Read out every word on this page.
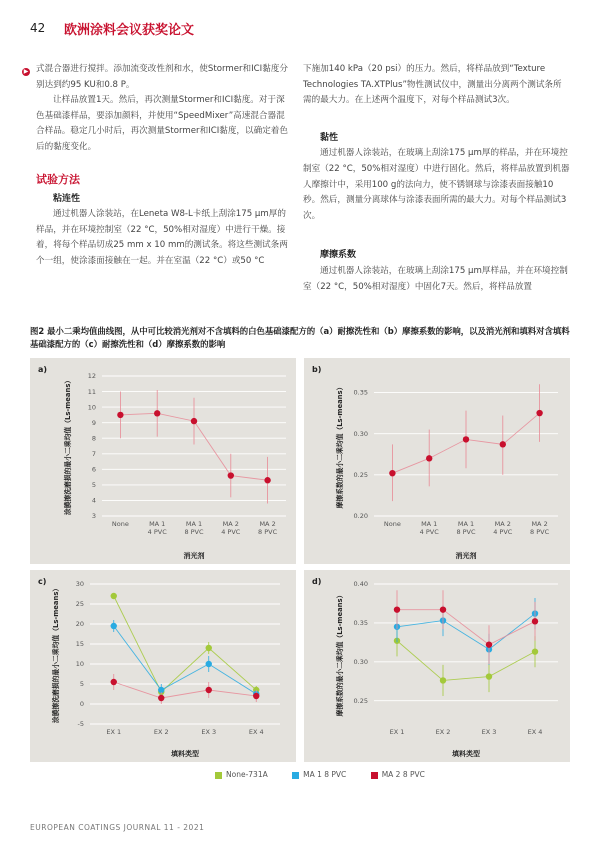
42 欧洲涂料会议获奖论文
▶ 式混合器进行搅拌。添加流变改性剂和水，使Stormer和ICI黏度分别达到约95 KU和0.8 P。

让样品放置1天。然后，再次测量Stormer和ICI黏度。对于深色基础漆样品，要添加颜料，并使用“SpeedMixer”高速混合器混合样品。稳定几小时后，再次测量Stormer和ICI黏度，以确定着色后的黏度变化。

试验方法

粘连性

通过机器人涂装站，在Leneta W8-L卡纸上刮涂175 μm厚的样品，并在环境控制室（22 °C，50%相对湿度）中进行干燥。接着，将每个样品切成25 mm x 10 mm的测试条。将这些测试条两个一组，使涂漆面接触在一起。并在室温（22 °C）或50 °C

下施加140 kPa（20 psi）的压力。然后，将样品放到“Texture Technologies TA.XTPlus”物性测试仪中，测量出分离两个测试条所需的最大力。在上述两个温度下，对每个样品测试3次。

黏性

通过机器人涂装站，在玻璃上刮涂175 μm厚的样品，并在环境控制室（22 °C，50%相对湿度）中进行固化。然后，将样品放置到机器人摩擦计中，采用100 g的法向力，使不锈钢球与涂漆表面接触10秒。然后，测量分离球体与涂漆表面所需的最大力。对每个样品测试3次。

摩擦系数

通过机器人涂装站，在玻璃上刮涂175 μm厚样品，并在环境控制室（22 °C，50%相对湿度）中固化7天。然后，将样品放置

图2 最小二乘均值曲线图，从中可比较消光剂对不含填料的白色基础漆配方的（a）耐擦洗性和（b）摩擦系数的影响，以及消光剂和填料对含填料基础漆配方的（c）耐擦洗性和（d）摩擦系数的影响
a)
3
4
5
6
7
8
9
10
11
12
None	MA 1
4 PVC
MA 1
8 PVC
MA 2
4 PVC
MA 2
8 PVC
消光剂
涂膜擦洗磨损的最小二乘均值（Ls-means）
b)
0.20
0.25
0.30
0.35
None	MA 1
4 PVC
MA 1
8 PVC
MA 2
4 PVC
MA 2
8 PVC
消光剂
摩擦系数的最小二乘均值（Ls-means）
c)
-5
0
5
10
15
20
25
30
EX 1	EX 2	EX 3	EX 4
填料类型
涂膜擦洗磨损的最小二乘均值（Ls-means）
d)
0.25
0.30
0.35
0.40
EX 1	EX 2	EX 3	EX 4
填料类型
摩擦系数的最小二乘均值（Ls-means）
None-731A	MA 1 8 PVC	MA 2 8 PVC
EUROPEAN COATINGS JOURNAL 11 - 2021
